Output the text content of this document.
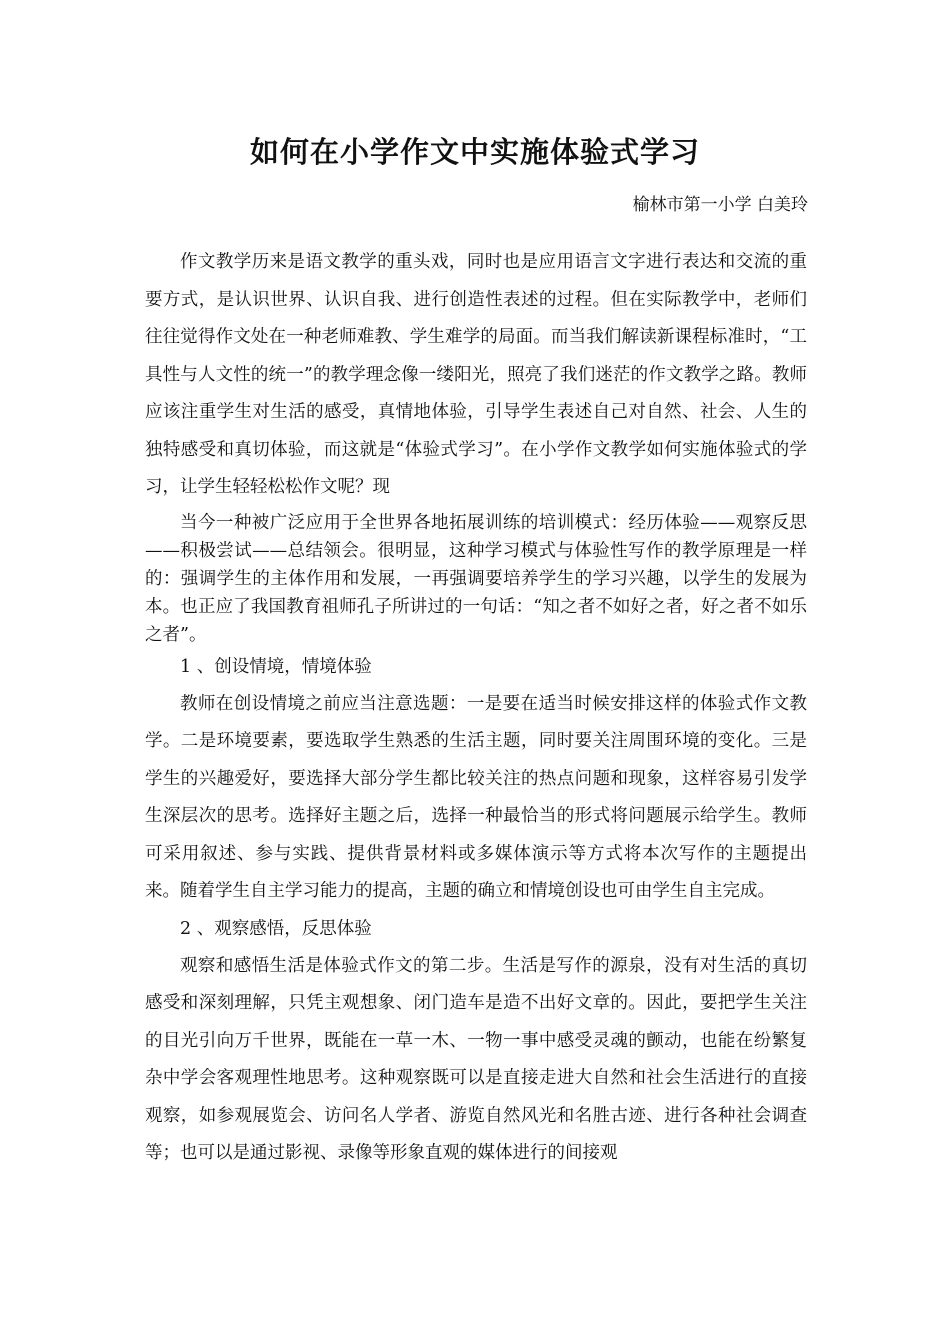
如何在小学作文中实施体验式学习
榆林市第一小学 白美玲

作文教学历来是语文教学的重头戏，同时也是应用语言文字进行表达和交流的重要方式，是认识世界、认识自我、进行创造性表述的过程。但在实际教学中，老师们往往觉得作文处在一种老师难教、学生难学的局面。而当我们解读新课程标准时，“工具性与人文性的统一”的教学理念像一缕阳光，照亮了我们迷茫的作文教学之路。教师应该注重学生对生活的感受，真情地体验，引导学生表述自己对自然、社会、人生的独特感受和真切体验，而这就是“体验式学习”。在小学作文教学如何实施体验式的学习，让学生轻轻松松作文呢？现

当今一种被广泛应用于全世界各地拓展训练的培训模式：经历体验——观察反思——积极尝试——总结领会。很明显，这种学习模式与体验性写作的教学原理是一样的：强调学生的主体作用和发展，一再强调要培养学生的学习兴趣，以学生的发展为本。也正应了我国教育祖师孔子所讲过的一句话：“知之者不如好之者，好之者不如乐之者”。

1 、创设情境，情境体验

教师在创设情境之前应当注意选题：一是要在适当时候安排这样的体验式作文教学。二是环境要素，要选取学生熟悉的生活主题，同时要关注周围环境的变化。三是学生的兴趣爱好，要选择大部分学生都比较关注的热点问题和现象，这样容易引发学生深层次的思考。选择好主题之后，选择一种最恰当的形式将问题展示给学生。教师可采用叙述、参与实践、提供背景材料或多媒体演示等方式将本次写作的主题提出来。随着学生自主学习能力的提高，主题的确立和情境创设也可由学生自主完成。

2 、观察感悟，反思体验

观察和感悟生活是体验式作文的第二步。生活是写作的源泉，没有对生活的真切感受和深刻理解，只凭主观想象、闭门造车是造不出好文章的。因此，要把学生关注的目光引向万千世界，既能在一草一木、一物一事中感受灵魂的颤动，也能在纷繁复杂中学会客观理性地思考。这种观察既可以是直接走进大自然和社会生活进行的直接观察，如参观展览会、访问名人学者、游览自然风光和名胜古迹、进行各种社会调查等；也可以是通过影视、录像等形象直观的媒体进行的间接观
